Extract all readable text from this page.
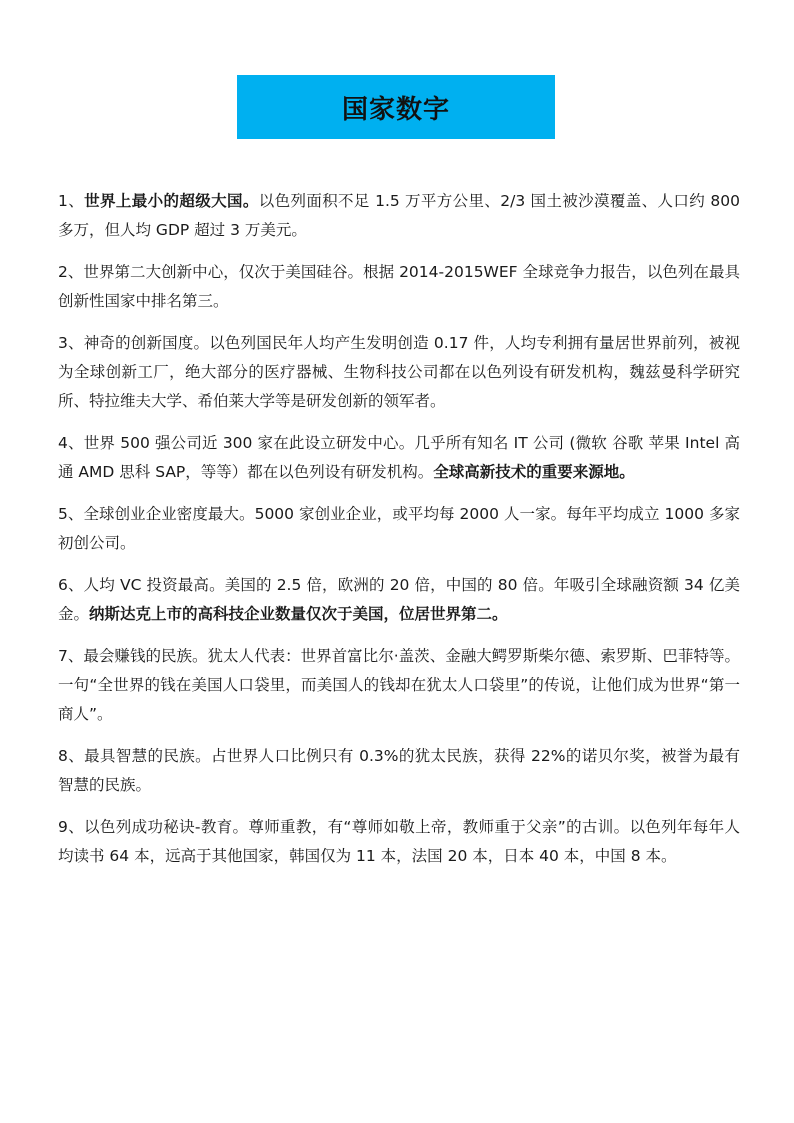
国家数字

1、世界上最小的超级大国。以色列面积不足 1.5 万平方公里、2/3 国土被沙漠覆盖、人口约 800 多万，但人均 GDP 超过 3 万美元。

2、世界第二大创新中心，仅次于美国硅谷。根据 2014-2015WEF 全球竞争力报告，以色列在最具创新性国家中排名第三。

3、神奇的创新国度。以色列国民年人均产生发明创造 0.17 件，人均专利拥有量居世界前列，被视为全球创新工厂，绝大部分的医疗器械、生物科技公司都在以色列设有研发机构，魏兹曼科学研究所、特拉维夫大学、希伯莱大学等是研发创新的领军者。

4、世界 500 强公司近 300 家在此设立研发中心。几乎所有知名 IT 公司 (微软 谷歌 苹果 Intel 高通 AMD 思科 SAP，等等）都在以色列设有研发机构。全球高新技术的重要来源地。

5、全球创业企业密度最大。5000 家创业企业，或平均每 2000 人一家。每年平均成立 1000 多家初创公司。

6、人均 VC 投资最高。美国的 2.5 倍，欧洲的 20 倍，中国的 80 倍。年吸引全球融资额 34 亿美金。纳斯达克上市的高科技企业数量仅次于美国，位居世界第二。

7、最会赚钱的民族。犹太人代表：世界首富比尔·盖茨、金融大鳄罗斯柴尔德、索罗斯、巴菲特等。一句“全世界的钱在美国人口袋里，而美国人的钱却在犹太人口袋里”的传说，让他们成为世界“第一商人”。

8、最具智慧的民族。占世界人口比例只有 0.3%的犹太民族，获得 22%的诺贝尔奖，被誉为最有智慧的民族。

9、以色列成功秘诀-教育。尊师重教，有“尊师如敬上帝，教师重于父亲”的古训。以色列年每年人均读书 64 本，远高于其他国家，韩国仅为 11 本，法国 20 本，日本 40 本，中国 8 本。
